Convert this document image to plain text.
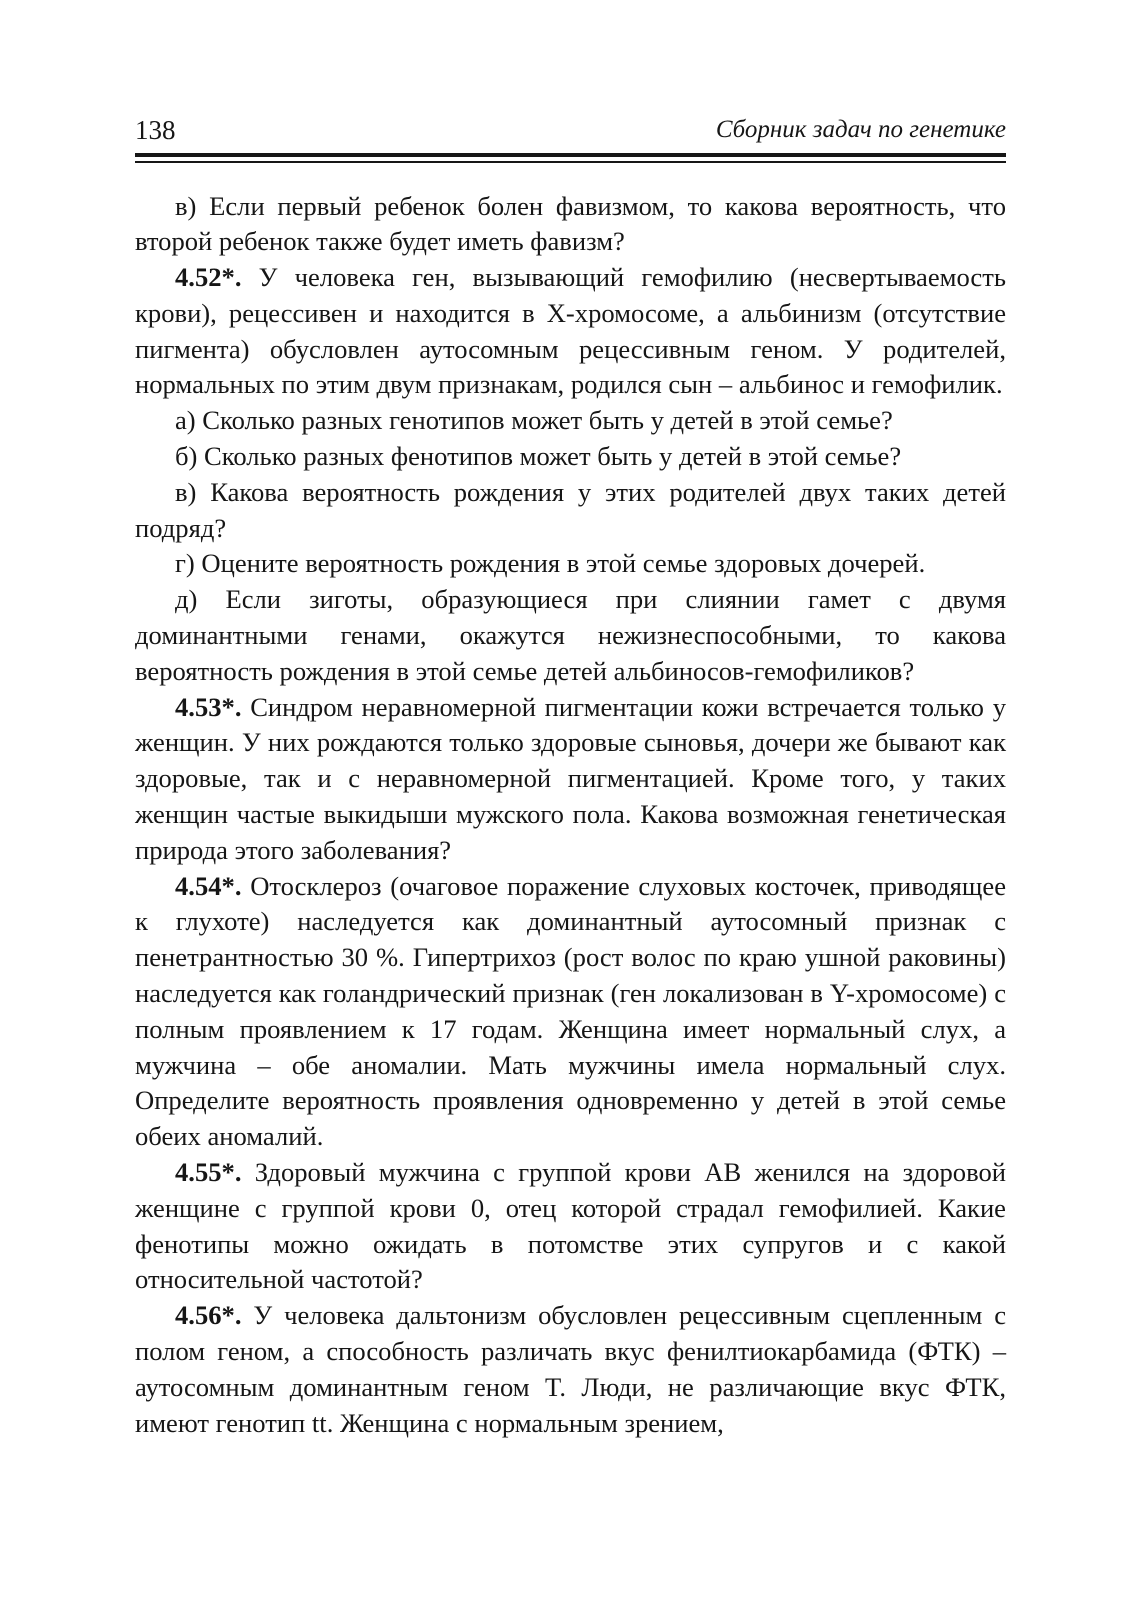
138	Сборник задач по генетике

в) Если первый ребенок болен фавизмом, то какова вероятность, что второй ребенок также будет иметь фавизм?

4.52*. У человека ген, вызывающий гемофилию (несвертываемость крови), рецессивен и находится в X-хромосоме, а альбинизм (отсутствие пигмента) обусловлен аутосомным рецессивным геном. У родителей, нормальных по этим двум признакам, родился сын – альбинос и гемофилик.

а) Сколько разных генотипов может быть у детей в этой семье?

б) Сколько разных фенотипов может быть у детей в этой семье?

в) Какова вероятность рождения у этих родителей двух таких детей подряд?

г) Оцените вероятность рождения в этой семье здоровых дочерей.

д) Если зиготы, образующиеся при слиянии гамет с двумя доминантными генами, окажутся нежизнеспособными, то какова вероятность рождения в этой семье детей альбиносов-гемофиликов?

4.53*. Синдром неравномерной пигментации кожи встречается только у женщин. У них рождаются только здоровые сыновья, дочери же бывают как здоровые, так и с неравномерной пигментацией. Кроме того, у таких женщин частые выкидыши мужского пола. Какова возможная генетическая природа этого заболевания?

4.54*. Отосклероз (очаговое поражение слуховых косточек, приводящее к глухоте) наследуется как доминантный аутосомный признак с пенетрантностью 30 %. Гипертрихоз (рост волос по краю ушной раковины) наследуется как голандрический признак (ген локализован в Y-хромосоме) с полным проявлением к 17 годам. Женщина имеет нормальный слух, а мужчина – обе аномалии. Мать мужчины имела нормальный слух. Определите вероятность проявления одновременно у детей в этой семье обеих аномалий.

4.55*. Здоровый мужчина с группой крови АВ женился на здоровой женщине с группой крови 0, отец которой страдал гемофилией. Какие фенотипы можно ожидать в потомстве этих супругов и с какой относительной частотой?

4.56*. У человека дальтонизм обусловлен рецессивным сцепленным с полом геном, а способность различать вкус фенилтиокарбамида (ФТК) – аутосомным доминантным геном T. Люди, не различающие вкус ФТК, имеют генотип tt. Женщина с нормальным зрением,
